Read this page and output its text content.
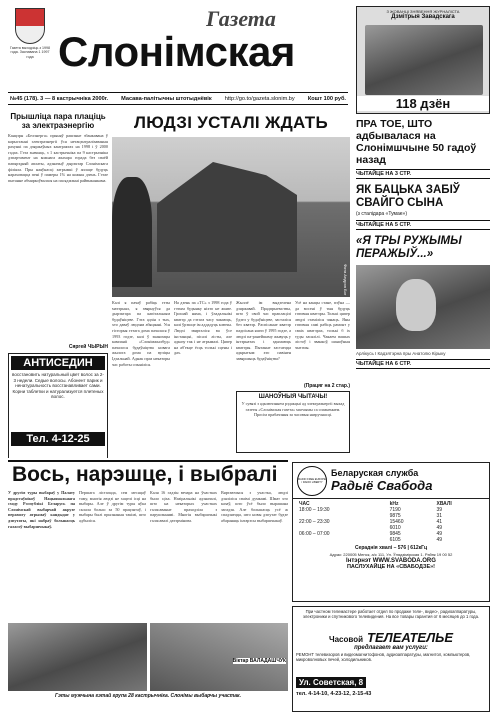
Газета выходзіць з 1998 года. Заснавана 1 1997 года
Газета
Слонімская
№45 (178). 3 — 8 кастрычніка 2000г. Масава-палітычны штотыднёвік http://go.to/gazeta.slonim.by Кошт 100 руб.
З ЖОВАНЦІ ЗНЯВЕННЯ ЖУРНАЛІСТА
Дзмітрыя Завадскага
118 дзён
Прышліца пара плацiць за электраэнергію
Канцэрн «Белэнерга» прыняў рашэнне збанкавана ў карыстанні электраэнергіі ўся нетацэнтралізаваныя рахункі па дзяржаўных кантрактах на 1998 і ў 2000 гадах. Гэта значыць, з 1 кастрычніка па 9 кастрычніка дэпартамент на кожнага жыхара горада без сваёй папярэдняй аплаты, адзначыў дырэктар Слонімскага філіяла. Пры наяўнасці затрымкі ў аплаце будуць нараховацца пені ў памеры 1% на кожны дзень. Гэтае пытанне абмяркоўвалася на пасяджэнні райвыканкама.
Сяргей ЧЫРЫН
АНТИСЕДИН
восстановить натуральный цвет волос за 2-3 недели. Седые волосы. Абонент парик и ненатуральность восстанавливает сами. Корни таблетки и натурализуется плетеных волос.
Тел. 4-12-25
ЛЮДЗІ УСТАЛІ ЖДАТЬ
Фота Андрэя Бог
Калі я пачаў рабіць гэты матэрыял, я звярнуўся да дырэктара па капітальным будаўніцтве. Гэта адзін з тых, хто даваў людзям абяцанні. Уся гісторыя гэтага дома пачалася ў 1993 годзе, калі ў эканомцы кампаніі «Слонімжылбуд» пачалося будаўніцтва новага жылога дома па вуліцы Ідэальнай. Аднак праз некаторы час работы спыніліся.
На дзень па «ТС» з 1998 года ў гэтым будынку ніхто не жыве. Грошай няма, і ўладальнікі кватэр да гэтага часу чакаюць, калі ўрэшце ім аддадуць ключы. Людзі звярталіся ва ўсе інстанцыі, пісалі лісты, але адказу так і не атрымалі. Цяпер на аб'екце ёсць толькі сцены і дах.
ПРА ТОЕ, ШТО адбывалася на Слонімшчыне 50 гадоў назад
ЧЫТАЙЦЕ НА 3 СТР.
ЯК БАЦЬКА ЗАБІЎ СВАЙГО СЫНА
(з сталідара «Тумае»)
ЧЫТАЙЦЕ НА 5 СТР.
«Я ТРЫ РУЖЫМЫ ПЕРАЖЫЎ...»
Арлікусь І Кадзятэрна пры Анатолю Кірыку
ЧЫТАЙЦЕ НА 6 СТР.
Жыллё ім выдзелена дзяржавай. Прадпрыемствы, што ў свой час праплацілі ўдзел у будаўніцтве, засталіся без кватэр. Распісанне кватэр падпісана яшчэ ў 1995 годзе, а людзі па-ранейшаму жывуць у інтэрнатах і здымаюць кватэры. Пытанне застаецца адкрытым: хто павінен завяршыць будаўніцтва?
Усё на канцы стане, пэўна — да восені ў тыя будуць гатовыя кватэры. Толькі цяпер людзі стаміліся чакаць. Яны гатовыя самі рабіць рамонт у сваіх кватэрах, толькі б іх туды засялілі. Чакаем вашых лістоў і званкоў, шаноўныя чытачы.
(Працяг на 2 стар.)
ШАНОЎНЫЯ ЧЫТАЧЫ!
У сувязі з адключэннем рэдакцыі ад электраэнергіі выхад газеты «Слонімская газета» магчымы са спазненнем. Просім прабачэння за часовыя нязручнасці.
Вось, нарэшце, і выбралі
У другім туры выбараў у Палату прадстаўнікоў Нацыянальнага сходу Рэспублікі Беларусь па Слонімскай выбарчай акрузе перамогу атрымаў кандыдат у дэпутаты, які набраў большасць галасоў выбаршчыкаў.
Першага лістапада, сем месяцаў таму, многія людзі не хацелі ісці на выбары. Але ў другім туры яўка склала больш за 50 працэнтаў, і выбары былі прызнаныя такімі, што адбыліся.
Каля 16 гадзін вечара на ўчастках было ціха. Назіральнікі адзначалі, што на некаторых участках галасаванне праходзіла з парушэннямі. Многія выбаршчыкі галасавалі датэрмінова.
Вяртаючыся з участка, людзі дзяліліся сваімі думкамі. Шмат хто казаў, што ўсё было вырашана загадзя. Але большасць усё ж спадзяецца, што новы дэпутат будзе абараняць інтарэсы выбаршчыкаў.
Гэты мужчына гэтай група 28 кастрычніка. Слонімы выбарчы участак.
Віктар ВАЛАДАШЧУК
RADIO FREE EUROPE / RADIO LIBERTY
Беларуская служба
Радыё Свабода
ЧАС	kHz	ХВАЛІ
18:00 – 19:30	7190	39
	9875	31
22:00 – 23:30	15460	41
	6010	49
06:00 – 07:00	9845	49
	6105	49
Сераднія хвалі – 576 | 612кГц
Адрас: 220005 Менск, а/с 111, Ул. Ўлядзімірская 1. Рэйнк 19 00 52
Інтэрнэт WWW.SVABODA.ORG
ПАСЛУХАЙЦЕ НА «СВАБОДЗЕ»!
При частном телемастере работает отдел по продаже теле-, видео-, радиоаппаратуры, электроники и спутникового телевидения. На все товары гарантия от 6 месяцев до 1 года.
Часовой ТЕЛЕАТЕЛЬЕ
предлагает вам услуги:
РЕМОНТ телевизоров и видеомагнитофонов, аудиоаппаратуры, магнитол, компьютеров, микроволновых печей, холодильников.
Ул. Советская, 8
тел. 4-14-10, 4-23-12, 2-15-43
